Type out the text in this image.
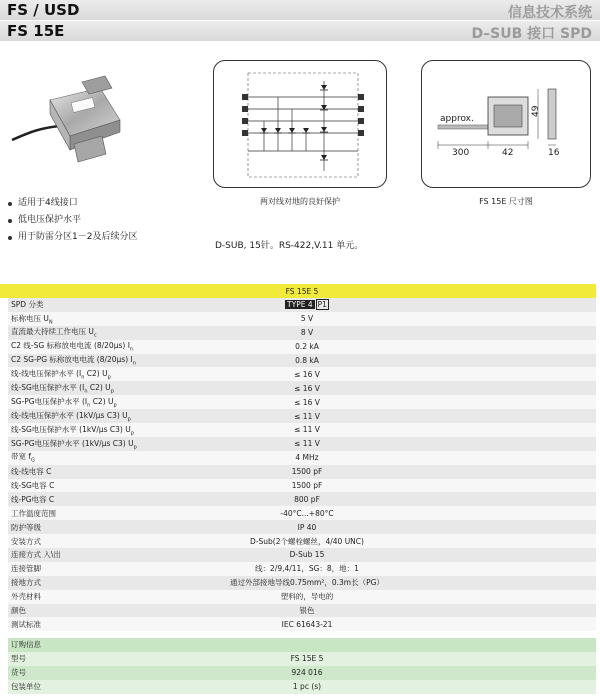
FS / USD	信息技术系统
FS 15E	D–SUB 接口 SPD
两对线对地的良好保护
approx.
300	42
49
16
FS 15E 尺寸图
适用于4线接口
低电压保护水平
用于防雷分区1－2及后续分区
D-SUB, 15针。RS-422,V.11 单元。
FS 15E 5
SPD 分类	TYPE 4 P1
标称电压 $U_N$	5 V
直流最大持续工作电压 $U_c$	8 V
C2 线-SG 标称放电电流 (8/20μs) $I_n$	0.2 kA
C2 SG-PG 标称放电电流 (8/20μs) $I_n$	0.8 kA
线-线电压保护水平 ($I_n$ C2) $U_p$	≤ 16 V
线-SG电压保护水平 ($I_n$ C2) $U_p$	≤ 16 V
SG-PG电压保护水平 ($I_n$ C2) $U_p$	≤ 16 V
线-线电压保护水平 (1kV/μs C3) $U_p$	≤ 11 V
线-SG电压保护水平 (1kV/μs C3) $U_p$	≤ 11 V
SG-PG电压保护水平 (1kV/μs C3) $U_p$	≤ 11 V
带宽 $f_G$	4 MHz
线-线电容 C	1500 pF
线-SG电容 C	1500 pF
线-PG电容 C	800 pF
工作温度范围	-40°C...+80°C
防护等级	IP 40
安装方式	D-Sub(2个螺栓螺丝，4/40 UNC)
连接方式 入\出	D-Sub 15
连接管脚	线：2/9,4/11，SG：8，地：1
接地方式	通过外部接地导线0.75mm²，0.3m长（PG）
外壳材料	塑料的，导电的
颜色	银色
测试标准	IEC 61643-21
订购信息
型号	FS 15E 5
货号	924 016
包装单位	1 pc (s)
